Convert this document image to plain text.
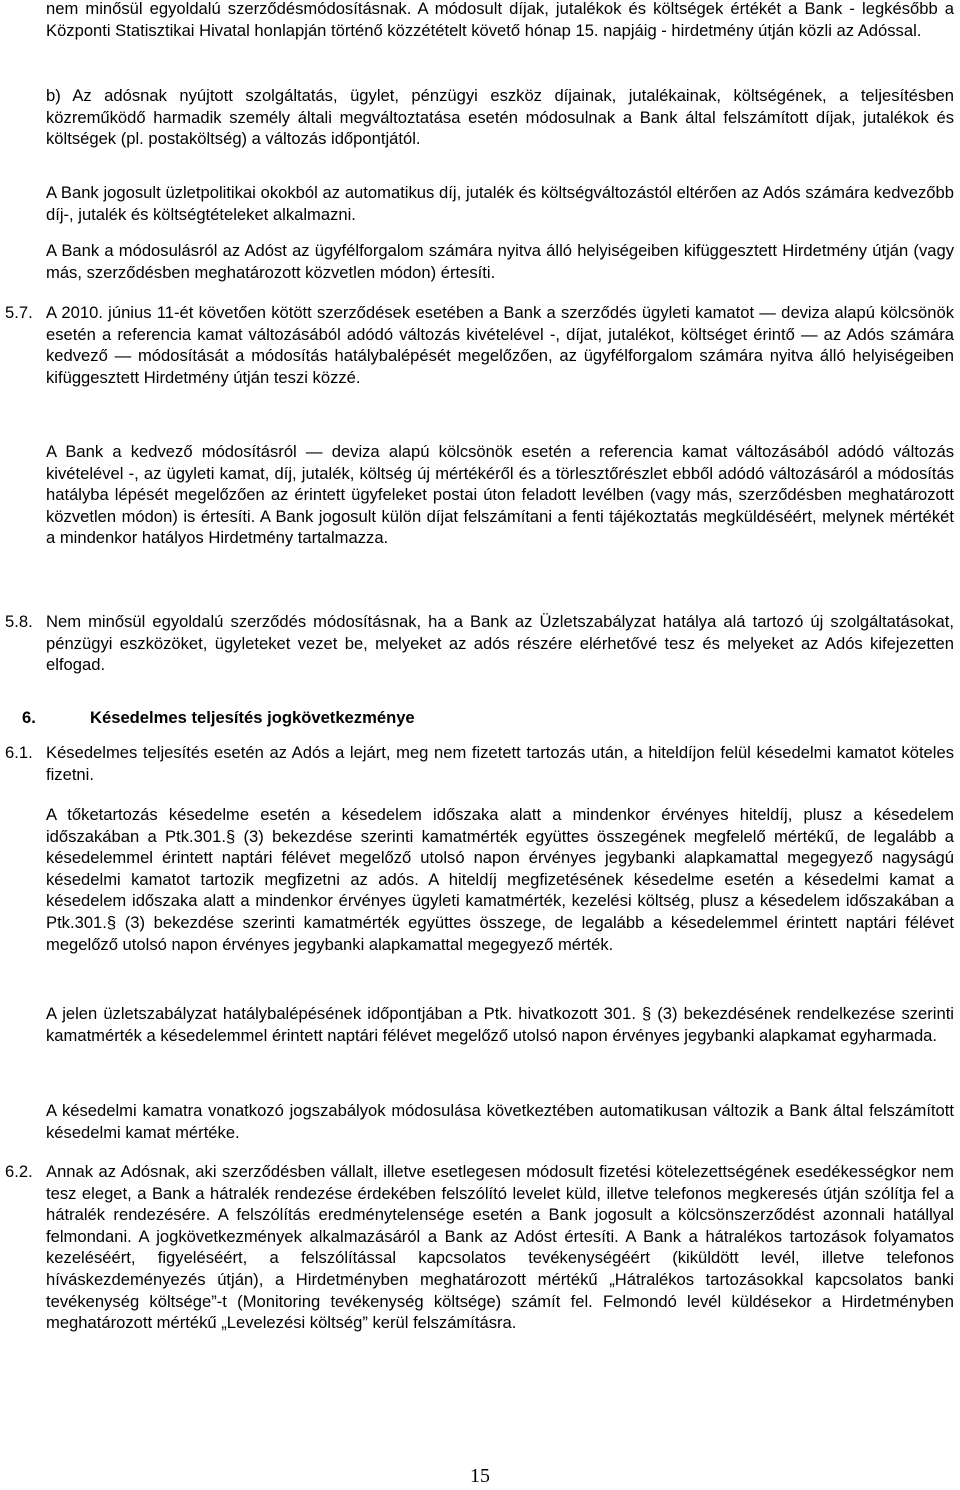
nem minősül egyoldalú szerződésmódosításnak. A módosult díjak, jutalékok és költségek értékét a Bank - legkésőbb a Központi Statisztikai Hivatal honlapján történő közzétételt követő hónap 15. napjáig - hirdetmény útján közli az Adóssal.
b) Az adósnak nyújtott szolgáltatás, ügylet, pénzügyi eszköz díjainak, jutalékainak, költségének, a teljesítésben közreműködő harmadik személy általi megváltoztatása esetén módosulnak a Bank által felszámított díjak, jutalékok és költségek (pl. postaköltség) a változás időpontjától.
A Bank jogosult üzletpolitikai okokból az automatikus díj, jutalék és költségváltozástól eltérően az Adós számára kedvezőbb díj-, jutalék és költségtételeket alkalmazni.
A Bank a módosulásról az Adóst az ügyfélforgalom számára nyitva álló helyiségeiben kifüggesztett Hirdetmény útján (vagy más, szerződésben meghatározott közvetlen módon) értesíti.
5.7. A 2010. június 11-ét követően kötött szerződések esetében a Bank a szerződés ügyleti kamatot — deviza alapú kölcsönök esetén a referencia kamat változásából adódó változás kivételével -, díjat, jutalékot, költséget érintő — az Adós számára kedvező — módosítását a módosítás hatálybalépését megelőzően, az ügyfélforgalom számára nyitva álló helyiségeiben kifüggesztett Hirdetmény útján teszi közzé.
A Bank a kedvező módosításról — deviza alapú kölcsönök esetén a referencia kamat változásából adódó változás kivételével -, az ügyleti kamat, díj, jutalék, költség új mértékéről és a törlesztőrészlet ebből adódó változásáról a módosítás hatályba lépését megelőzően az érintett ügyfeleket postai úton feladott levélben (vagy más, szerződésben meghatározott közvetlen módon) is értesíti. A Bank jogosult külön díjat felszámítani a fenti tájékoztatás megküldéséért, melynek mértékét a mindenkor hatályos Hirdetmény tartalmazza.
5.8. Nem minősül egyoldalú szerződés módosításnak, ha a Bank az Üzletszabályzat hatálya alá tartozó új szolgáltatásokat, pénzügyi eszközöket, ügyleteket vezet be, melyeket az adós részére elérhetővé tesz és melyeket az Adós kifejezetten elfogad.
6.	Késedelmes teljesítés jogkövetkezménye
6.1. Késedelmes teljesítés esetén az Adós a lejárt, meg nem fizetett tartozás után, a hiteldíjon felül késedelmi kamatot köteles fizetni.
A tőketartozás késedelme esetén a késedelem időszaka alatt a mindenkor érvényes hiteldíj, plusz a késedelem időszakában a Ptk.301.§ (3) bekezdése szerinti kamatmérték együttes összegének megfelelő mértékű, de legalább a késedelemmel érintett naptári félévet megelőző utolsó napon érvényes jegybanki alapkamattal megegyező nagyságú késedelmi kamatot tartozik megfizetni az adós. A hiteldíj megfizetésének késedelme esetén a késedelmi kamat a késedelem időszaka alatt a mindenkor érvényes ügyleti kamatmérték, kezelési költség, plusz a késedelem időszakában a Ptk.301.§ (3) bekezdése szerinti kamatmérték együttes összege, de legalább a késedelemmel érintett naptári félévet megelőző utolsó napon érvényes jegybanki alapkamattal megegyező mérték.
A jelen üzletszabályzat hatálybalépésének időpontjában a Ptk. hivatkozott 301. § (3) bekezdésének rendelkezése szerinti kamatmérték a késedelemmel érintett naptári félévet megelőző utolsó napon érvényes jegybanki alapkamat egyharmada.
A késedelmi kamatra vonatkozó jogszabályok módosulása következtében automatikusan változik a Bank által felszámított késedelmi kamat mértéke.
6.2. Annak az Adósnak, aki szerződésben vállalt, illetve esetlegesen módosult fizetési kötelezettségének esedékességkor nem tesz eleget, a Bank a hátralék rendezése érdekében felszólító levelet küld, illetve telefonos megkeresés útján szólítja fel a hátralék rendezésére. A felszólítás eredménytelensége esetén a Bank jogosult a kölcsönszerződést azonnali hatállyal felmondani. A jogkövetkezmények alkalmazásáról a Bank az Adóst értesíti. A Bank a hátralékos tartozások folyamatos kezeléséért, figyeléséért, a felszólítással kapcsolatos tevékenységéért (kiküldött levél, illetve telefonos híváskezdeményezés útján), a Hirdetményben meghatározott mértékű „Hátralékos tartozásokkal kapcsolatos banki tevékenység költsége”-t (Monitoring tevékenység költsége) számít fel. Felmondó levél küldésekor a Hirdetményben meghatározott mértékű „Levelezési költség” kerül felszámításra.
15
